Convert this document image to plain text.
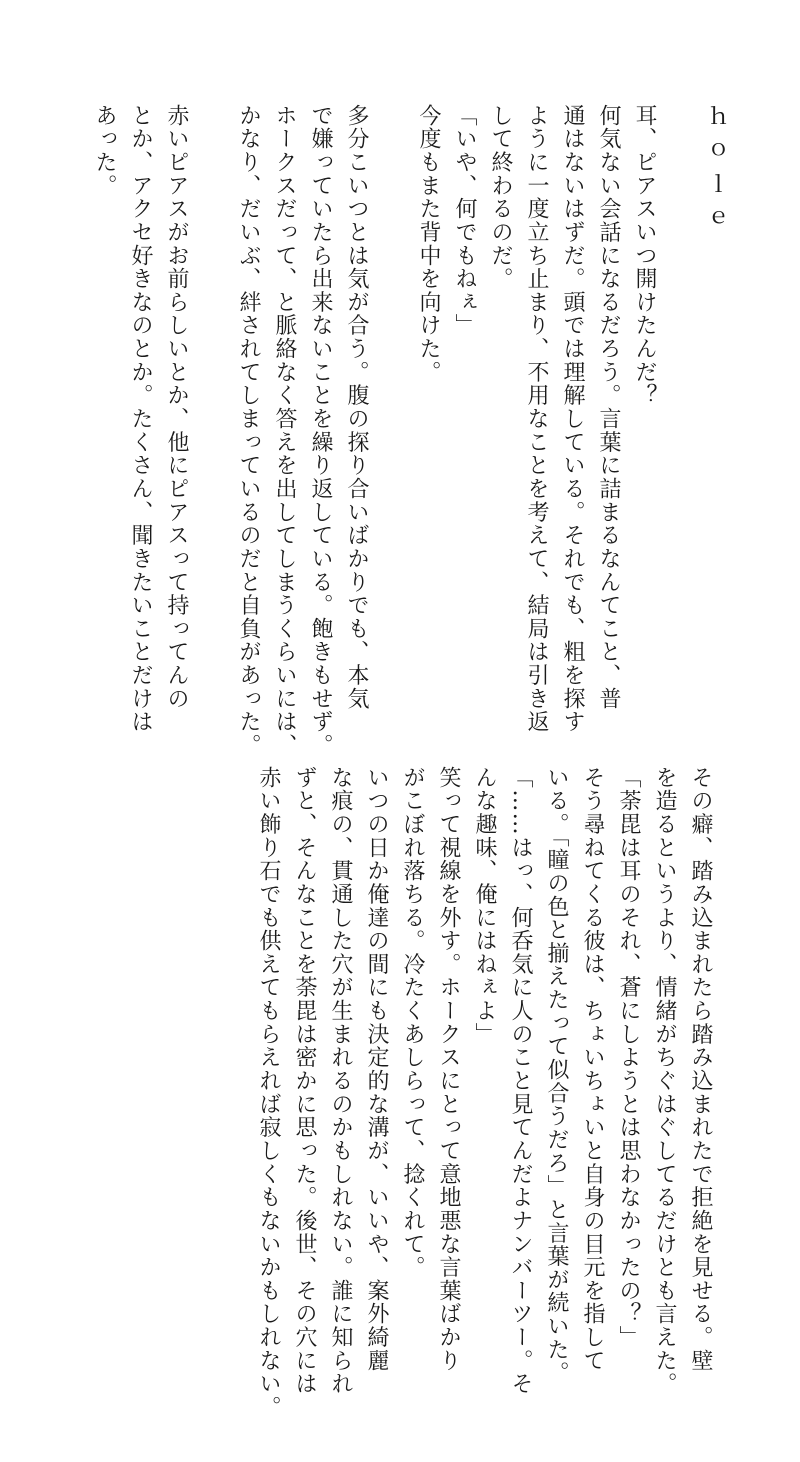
ｈｏｌｅ
耳、ピアスいつ開けたんだ？
何気ない会話になるだろう。言葉に詰まるなんてこと、普
通はないはずだ。頭では理解している。それでも、粗を探す
ように一度立ち止まり、不用なことを考えて、結局は引き返
して終わるのだ。
「いや、何でもねぇ」
今度もまた背中を向けた。
多分こいつとは気が合う。腹の探り合いばかりでも、本気
で嫌っていたら出来ないことを繰り返している。飽きもせず。
ホークスだって、と脈絡なく答えを出してしまうくらいには、
かなり、だいぶ、絆されてしまっているのだと自負があった。
赤いピアスがお前らしいとか、他にピアスって持ってんの
とか、アクセ好きなのとか。たくさん、聞きたいことだけは
あった。
その癖、踏み込まれたら踏み込まれたで拒絶を見せる。壁
を造るというより、情緒がちぐはぐしてるだけとも言えた。
「荼毘は耳のそれ、蒼にしようとは思わなかったの？」
そう尋ねてくる彼は、ちょいちょいと自身の目元を指して
いる。「瞳の色と揃えたって似合うだろ」と言葉が続いた。
「……はっ、何呑気に人のこと見てんだよナンバーツー。そ
んな趣味、俺にはねぇよ」
笑って視線を外す。ホークスにとって意地悪な言葉ばかり
がこぼれ落ちる。冷たくあしらって、捻くれて。
いつの日か俺達の間にも決定的な溝が、いいや、案外綺麗
な痕の、貫通した穴が生まれるのかもしれない。誰に知られ
ずと、そんなことを荼毘は密かに思った。後世、その穴には
赤い飾り石でも供えてもらえれば寂しくもないかもしれない。
